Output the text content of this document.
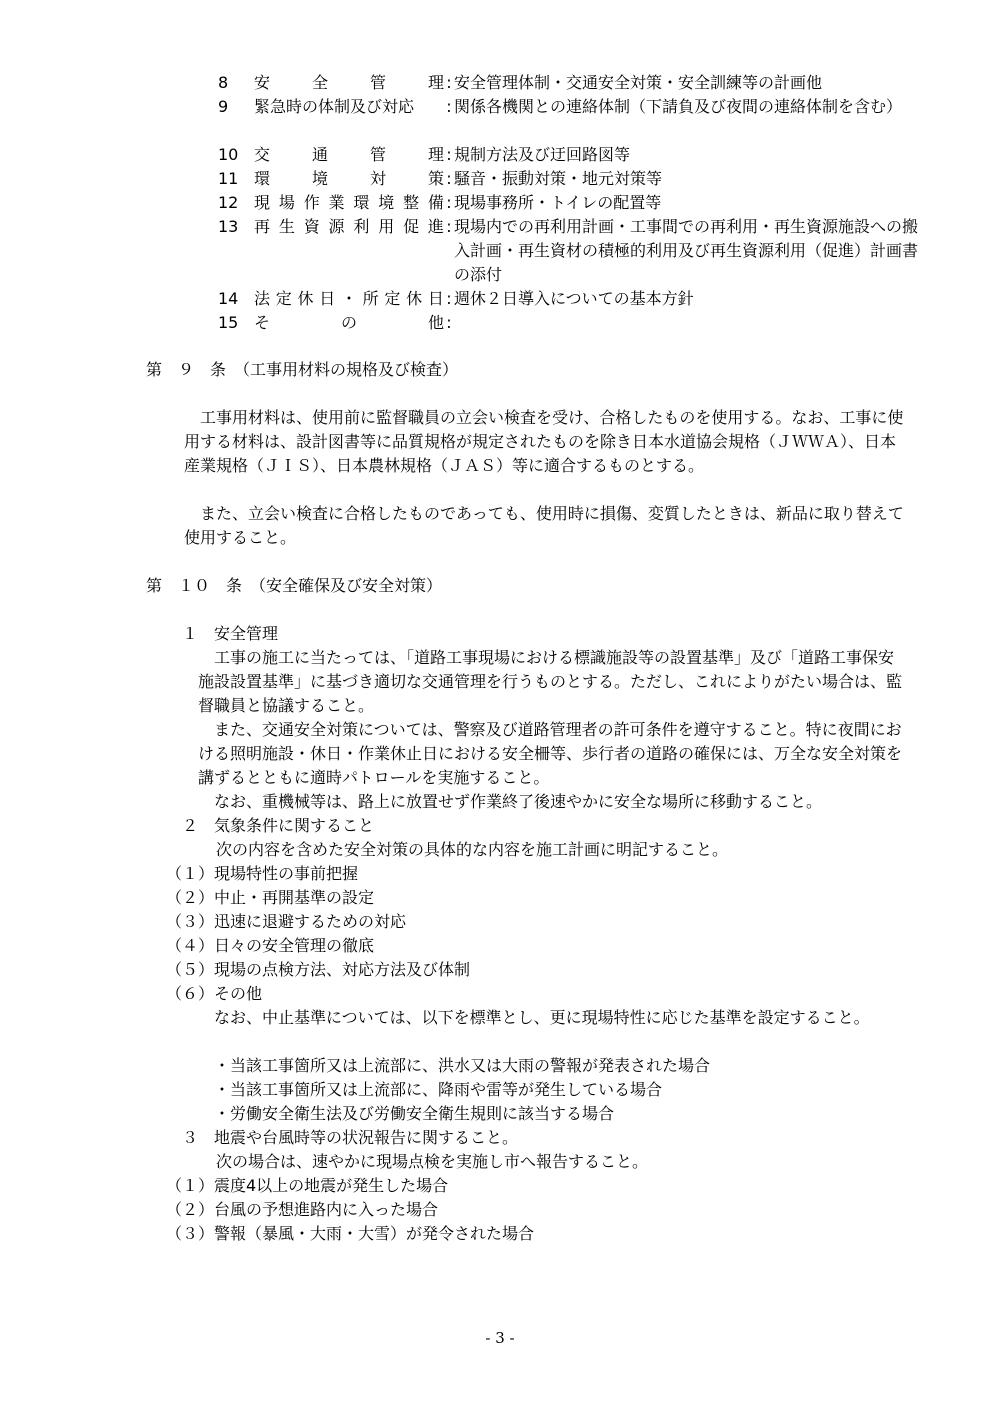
8	安	全	管	理 : 安全管理体制・交通安全対策・安全訓練等の計画他
9	緊急時の体制及び対応 : 関係各機関との連絡体制（下請負及び夜間の連絡体制を含む）
10 交	通	管	理 : 規制方法及び迂回路図等
11 環	境	対	策 : 騒音・振動対策・地元対策等
12 現 場 作 業 環 境 整 備 : 現場事務所・トイレの配置等
13 再 生 資 源 利 用 促 進 : 現場内での再利用計画・工事間での再利用・再生資源施設への搬入計画・再生資材の積極的利用及び再生資源利用（促進）計画書の添付
14 法 定 休 日 ・ 所 定 休 日 : 週休２日導入についての基本方針
15 そ	の	他 :
第　９　条　（工事用材料の規格及び検査）
工事用材料は、使用前に監督職員の立会い検査を受け、合格したものを使用する。なお、工事に使用する材料は、設計図書等に品質規格が規定されたものを除き日本水道協会規格（ＪＷＷＡ）、日本産業規格（ＪＩＳ）、日本農林規格（ＪＡＳ）等に適合するものとする。
また、立会い検査に合格したものであっても、使用時に損傷、変質したときは、新品に取り替えて使用すること。
第　１０　条　（安全確保及び安全対策）
１　安全管理
工事の施工に当たっては、「道路工事現場における標識施設等の設置基準」及び「道路工事保安施設設置基準」に基づき適切な交通管理を行うものとする。ただし、これによりがたい場合は、監督職員と協議すること。
また、交通安全対策については、警察及び道路管理者の許可条件を遵守すること。特に夜間における照明施設・休日・作業休止日における安全柵等、歩行者の道路の確保には、万全な安全対策を講ずるとともに適時パトロールを実施すること。
なお、重機械等は、路上に放置せず作業終了後速やかに安全な場所に移動すること。
２　気象条件に関すること
次の内容を含めた安全対策の具体的な内容を施工計画に明記すること。
（１）現場特性の事前把握
（２）中止・再開基準の設定
（３）迅速に退避するための対応
（４）日々の安全管理の徹底
（５）現場の点検方法、対応方法及び体制
（６）その他
なお、中止基準については、以下を標準とし、更に現場特性に応じた基準を設定すること。
・当該工事箇所又は上流部に、洪水又は大雨の警報が発表された場合
・当該工事箇所又は上流部に、降雨や雷等が発生している場合
・労働安全衛生法及び労働安全衛生規則に該当する場合
３　地震や台風時等の状況報告に関すること。
次の場合は、速やかに現場点検を実施し市へ報告すること。
（１）震度4以上の地震が発生した場合
（２）台風の予想進路内に入った場合
（３）警報（暴風・大雨・大雪）が発令された場合
- 3 -
